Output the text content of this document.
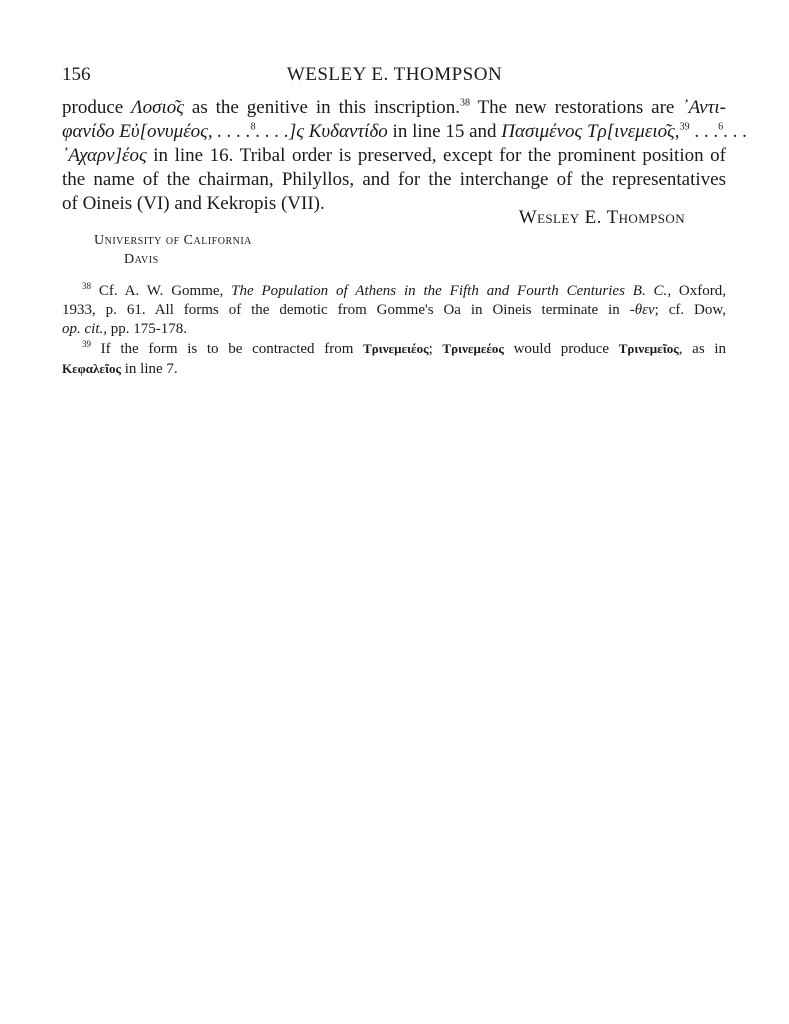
156	WESLEY E. THOMPSON
produce Λοσιο͂ς as the genitive in this inscription.$^{38}$ The new restorations are ᾿Αντι-
φανίδο Εὐ[ονυμέος, . . . .$^8$. . . .]ς Κυδαντίδο in line 15 and Πασιμένος Τρ[ινεμειο͂ς,$^{39}$ . . .$^6$. . .
᾿Αχαρν]έος in line 16. Tribal order is preserved, except for the prominent position of
the name of the chairman, Philyllos, and for the interchange of the representatives
of Oineis (VI) and Kekropis (VII).
Wesley E. Thompson
University of California
Davis
$^{38}$ Cf. A. W. Gomme, The Population of Athens in the Fifth and Fourth Centuries B. C., Oxford,
1933, p. 61. All forms of the demotic from Gomme's Oa in Oineis terminate in -θεν; cf. Dow,
op. cit., pp. 175-178.
$^{39}$ If the form is to be contracted from Τρινεμειέος; Τρινεμεέος would produce Τρινεμεῖος, as in
Κεφαλεῖος in line 7.
